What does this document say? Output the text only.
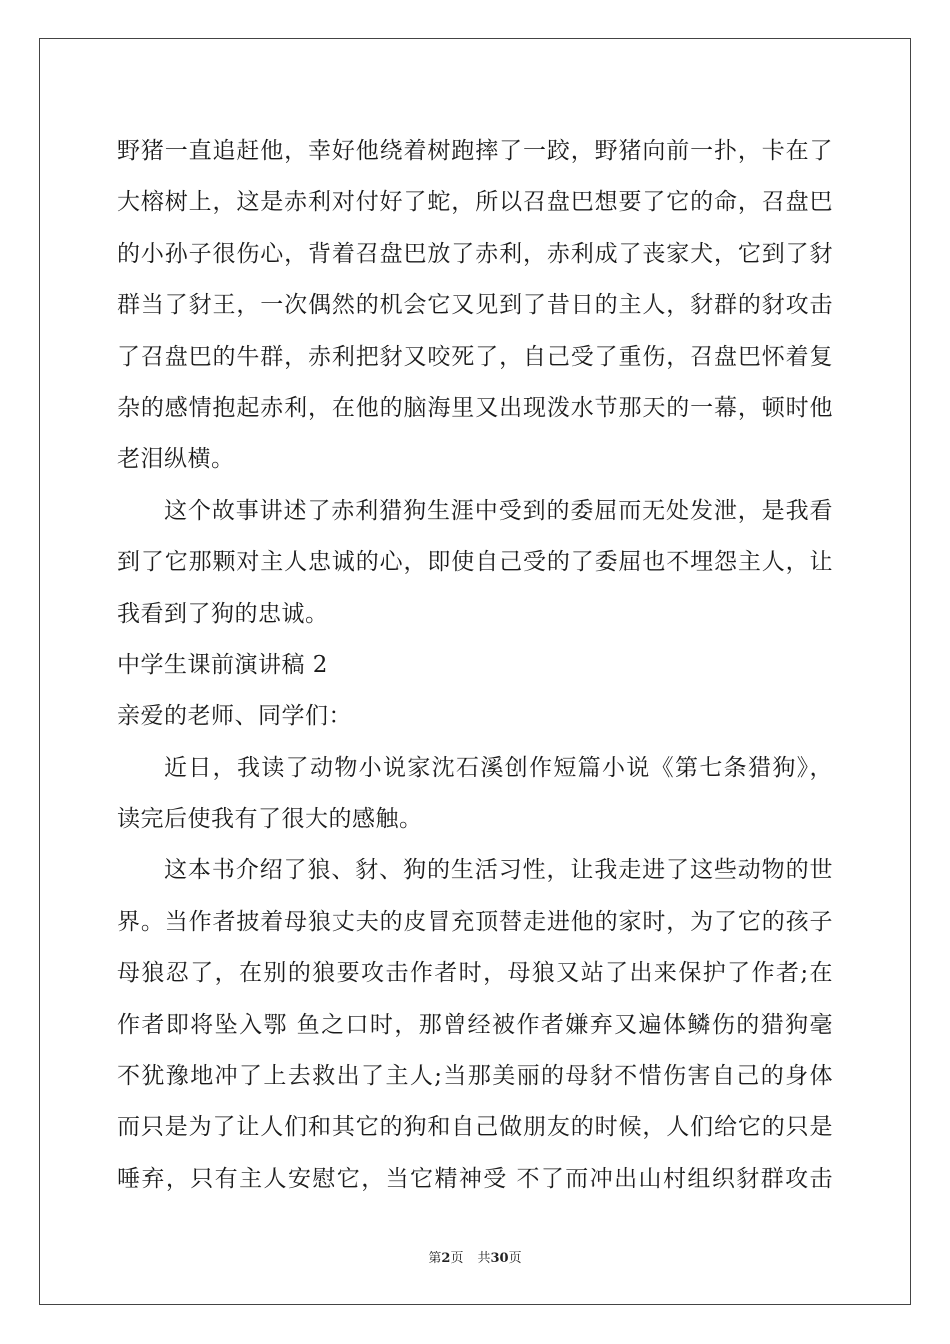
野猪一直追赶他，幸好他绕着树跑摔了一跤，野猪向前一扑，卡在了
大榕树上，这是赤利对付好了蛇，所以召盘巴想要了它的命，召盘巴
的小孙子很伤心，背着召盘巴放了赤利，赤利成了丧家犬，它到了豺
群当了豺王，一次偶然的机会它又见到了昔日的主人，豺群的豺攻击
了召盘巴的牛群，赤利把豺又咬死了，自己受了重伤，召盘巴怀着复
杂的感情抱起赤利，在他的脑海里又出现泼水节那天的一幕，顿时他
老泪纵横。
这个故事讲述了赤利猎狗生涯中受到的委屈而无处发泄，是我看
到了它那颗对主人忠诚的心，即使自己受的了委屈也不埋怨主人，让
我看到了狗的忠诚。
中学生课前演讲稿 2
亲爱的老师、同学们：
近日，我读了动物小说家沈石溪创作短篇小说《第七条猎狗》，
读完后使我有了很大的感触。
这本书介绍了狼、豺、狗的生活习性，让我走进了这些动物的世
界。当作者披着母狼丈夫的皮冒充顶替走进他的家时，为了它的孩子
母狼忍了，在别的狼要攻击作者时，母狼又站了出来保护了作者;在
作者即将坠入鄂 鱼之口时，那曾经被作者嫌弃又遍体鳞伤的猎狗毫
不犹豫地冲了上去救出了主人;当那美丽的母豺不惜伤害自己的身体
而只是为了让人们和其它的狗和自己做朋友的时候，人们给它的只是
唾弃，只有主人安慰它，当它精神受 不了而冲出山村组织豺群攻击
第2页 共30页
